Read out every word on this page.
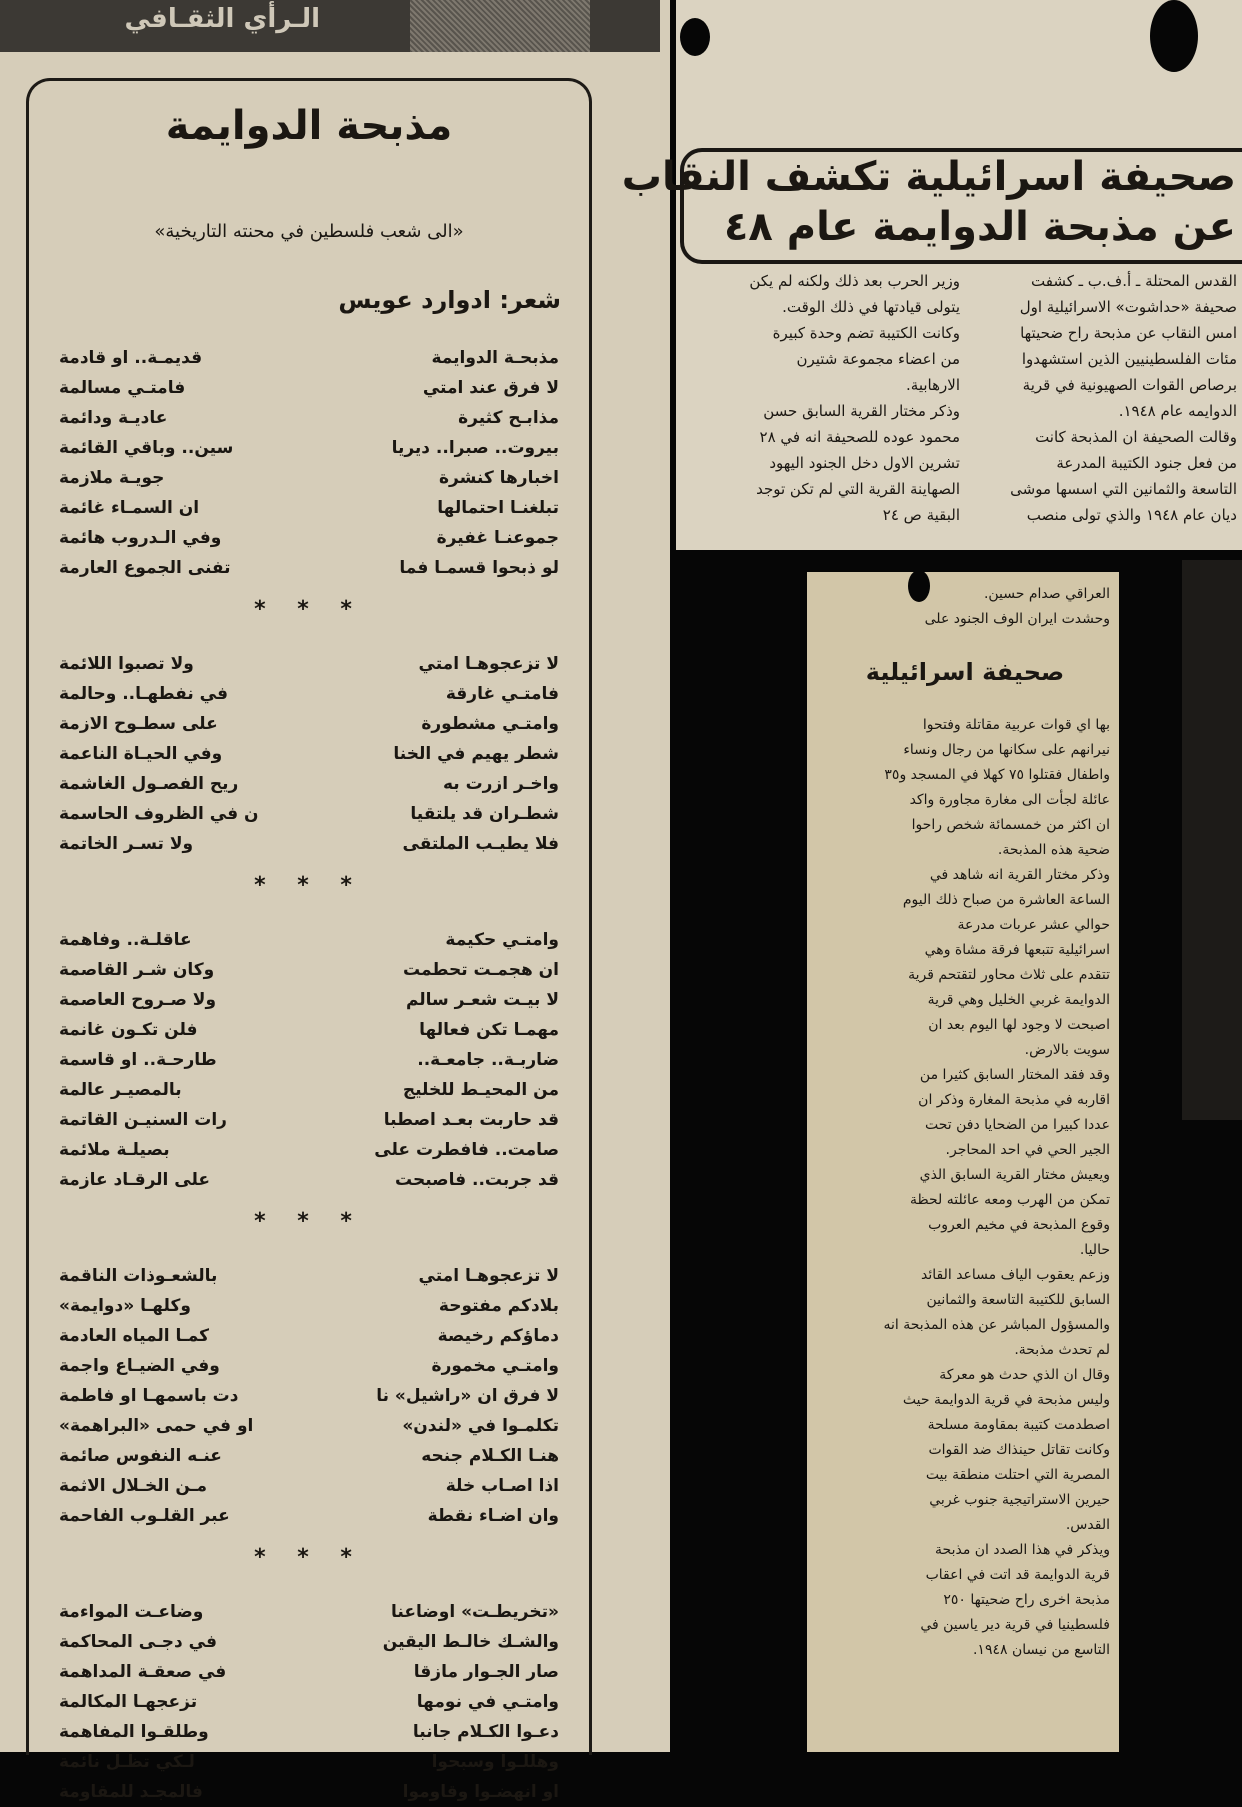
الـرأي الثقـافي
مذبحة الدوايمة
«الى شعب فلسطين في محنته التاريخية»
شعر: ادوارد عويس
مذبحـة الدوايمة
قديمـة.. او قادمة
لا فرق عند امتي
فامتـي مسالمة
مذابـح كثيرة
عاديـة ودائمة
بيروت.. صبرا.. ديريا
سين.. وباقي القائمة
اخبارها كنشرة
جويـة ملازمة
تبلغنـا احتمالها
ان السمـاء غائمة
جموعنـا غفيرة
وفي الـدروب هائمة
لو ذبحوا قسمـا فما
تفنى الجموع العارمة
* * *
لا تزعجوهـا امتي
ولا تصبوا اللائمة
فامتـي غارقة
في نفطهـا.. وحالمة
وامتـي مشطورة
على سطـوح الازمة
شطر يهيم في الخنا
وفي الحيـاة الناعمة
واخـر ازرت به
ريح الفصـول الغاشمة
شطـران قد يلتقيا
ن في الظروف الحاسمة
فلا يطيـب الملتقى
ولا تسـر الخاتمة
* * *
وامتـي حكيمة
عاقلـة.. وفاهمة
ان هجمـت تحطمت
وكان شـر القاصمة
لا بيـت شعـر سالم
ولا صـروح العاصمة
مهمـا تكن فعالها
فلن تكـون غانمة
ضاربـة.. جامعـة..
طارحـة.. او قاسمة
من المحيـط للخليج
بالمصيـر عالمة
قد حاربت بعـد اصطبا
رات السنيـن القاتمة
صامت.. فافطرت على
بصيلـة ملائمة
قد جربت.. فاصبحت
على الرقـاد عازمة
* * *
لا تزعجوهـا امتي
بالشعـوذات الناقمة
بلادكم مفتوحة
وكلهـا «دوايمة»
دماؤكم رخيصة
كمـا المياه العادمة
وامتـي مخمورة
وفي الضيـاع واجمة
لا فرق ان «راشيل» نا
دت باسمهـا او فاطمة
تكلمـوا في «لندن»
او في حمى «البراهمة»
هنـا الكـلام جنحه
عنـه النفوس صائمة
اذا اصـاب خلة
مـن الخـلال الاثمة
وان اضـاء نقطة
عبر القلـوب الفاحمة
* * *
«تخريطـت» اوضاعنا
وضاعـت المواءمة
والشـك خالـط اليقين
في دجـى المحاكمة
صار الجـوار مازقا
في صعقـة المداهمة
وامتـي في نومها
تزعجهـا المكالمة
دعـوا الكـلام جانبا
وطلقـوا المفاهمة
وهللـوا وسبحوا
لـكي تظـل نائمة
او انهضـوا وقاوموا
فالمجـد للمقاومة
صحيفة اسرائيلية تكشف النقاب
عن مذبحة الدوايمة عام ٤٨
القدس المحتلة ـ أ.ف.ب ـ كشفت
صحيفة «حداشوت» الاسرائيلية اول
امس النقاب عن مذبحة راح ضحيتها
مئات الفلسطينيين الذين استشهدوا
برصاص القوات الصهيونية في قرية
الدوايمه عام ١٩٤٨.
وقالت الصحيفة ان المذبحة كانت
من فعل جنود الكتيبة المدرعة
التاسعة والثمانين التي اسسها موشى
ديان عام ١٩٤٨ والذي تولى منصب
وزير الحرب بعد ذلك ولكنه لم يكن
يتولى قيادتها في ذلك الوقت.
وكانت الكتيبة تضم وحدة كبيرة
من اعضاء مجموعة شتيرن
الارهابية.
وذكر مختار القرية السابق حسن
محمود عوده للصحيفة انه في ٢٨
تشرين الاول دخل الجنود اليهود
الصهاينة القرية التي لم تكن توجد
البقية ص ٢٤
العراقي صدام حسين.
وحشدت ايران الوف الجنود على
صحيفة اسرائيلية
بها اي قوات عربية مقاتلة وفتحوا
نيرانهم على سكانها من رجال ونساء
واطفال فقتلوا ٧٥ كهلا في المسجد و٣٥
عائلة لجأت الى مغارة مجاورة واكد
ان اكثر من خمسمائة شخص راحوا
ضحية هذه المذبحة.
وذكر مختار القرية انه شاهد في
الساعة العاشرة من صباح ذلك اليوم
حوالي عشر عربات مدرعة
اسرائيلية تتبعها فرقة مشاة وهي
تتقدم على ثلاث محاور لتقتحم قرية
الدوايمة غربي الخليل وهي قرية
اصبحت لا وجود لها اليوم بعد ان
سويت بالارض.
وقد فقد المختار السابق كثيرا من
اقاربه في مذبحة المغارة وذكر ان
عددا كبيرا من الضحايا دفن تحت
الجير الحي في احد المحاجر.
ويعيش مختار القرية السابق الذي
تمكن من الهرب ومعه عائلته لحظة
وقوع المذبحة في مخيم العروب
حاليا.
وزعم يعقوب الياف مساعد القائد
السابق للكتيبة التاسعة والثمانين
والمسؤول المباشر عن هذه المذبحة انه
لم تحدث مذبحة.
وقال ان الذي حدث هو معركة
وليس مذبحة في قرية الدوايمة حيث
اصطدمت كتيبة بمقاومة مسلحة
وكانت تقاتل حينذاك ضد القوات
المصرية التي احتلت منطقة بيت
حيرين الاستراتيجية جنوب غربي
القدس.
ويذكر في هذا الصدد ان مذبحة
قرية الدوايمة قد اتت في اعقاب
مذبحة اخرى راح ضحيتها ٢٥٠
فلسطينيا في قرية دير ياسين في
التاسع من نيسان ١٩٤٨.
